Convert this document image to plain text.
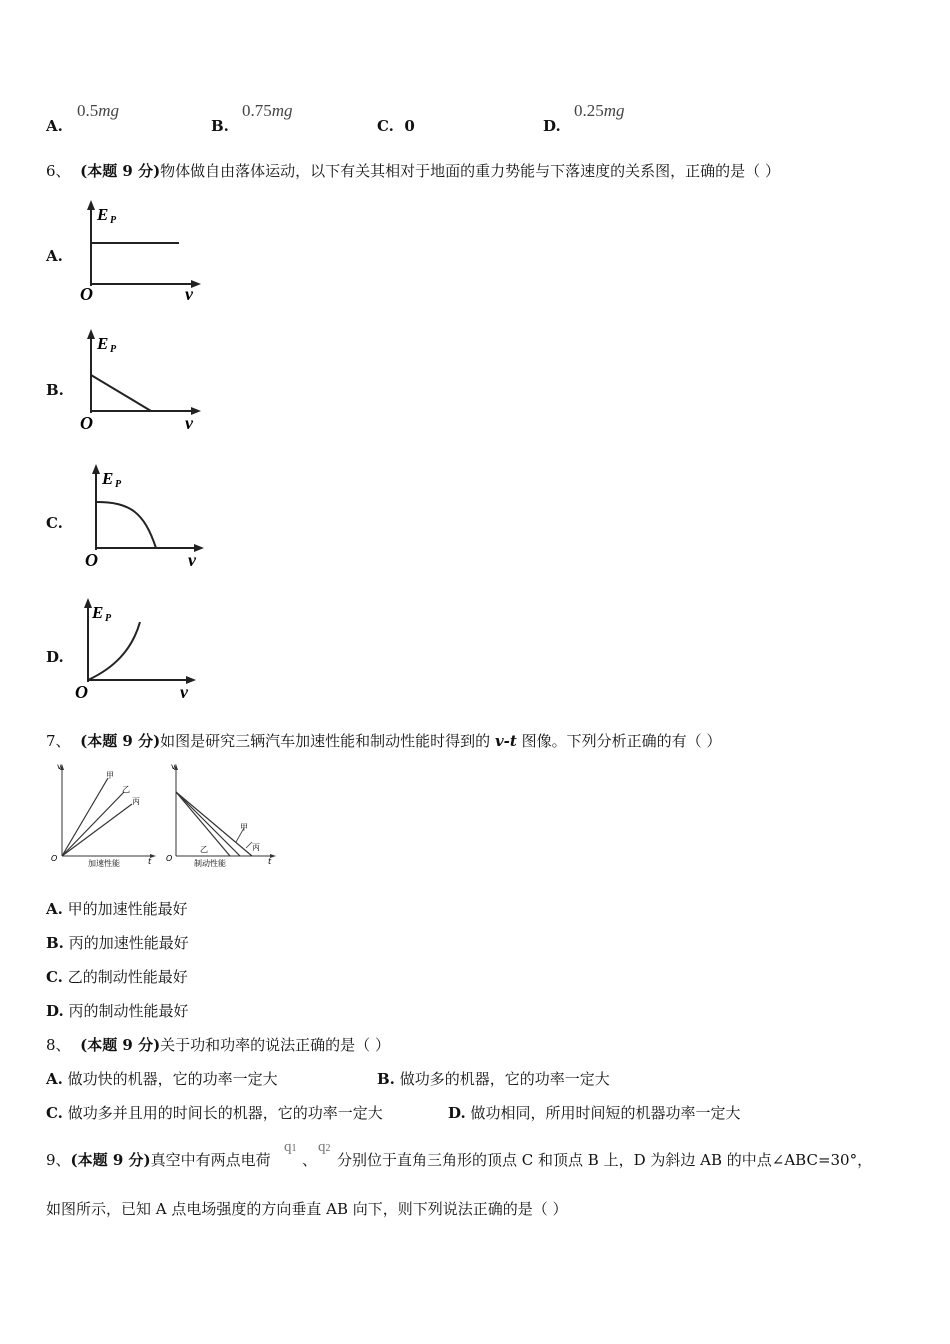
A.
0.5mg
B.
0.75mg
C. 0	D.
0.25mg
6、 (本题 9 分)物体做自由落体运动，以下有关其相对于地面的重力势能与下落速度的关系图，正确的是（ ）
A.
E P
O	v
B.
E P
O	v
C.
E P
O	v
D.
E P
O	v
7、 (本题 9 分)如图是研究三辆汽车加速性能和制动性能时得到的 v-t 图像。下列分析正确的有（ ）
v
O	t
甲
乙
丙
加速性能
v
O	t
甲
丙
乙
制动性能
A. 甲的加速性能最好
B. 丙的加速性能最好
C. 乙的制动性能最好
D. 丙的制动性能最好
8、 (本题 9 分)关于功和功率的说法正确的是（ ）
A. 做功快的机器，它的功率一定大	B. 做功多的机器，它的功率一定大
C. 做功多并且用的时间长的机器，它的功率一定大	D. 做功相同，所用时间短的机器功率一定大
9、(本题 9 分)真空中有两点电荷
q1
、
q2
分别位于直角三角形的顶点 C 和顶点 B 上，D 为斜边 AB 的中点∠ABC=30°，
如图所示，已知 A 点电场强度的方向垂直 AB 向下，则下列说法正确的是（ ）
